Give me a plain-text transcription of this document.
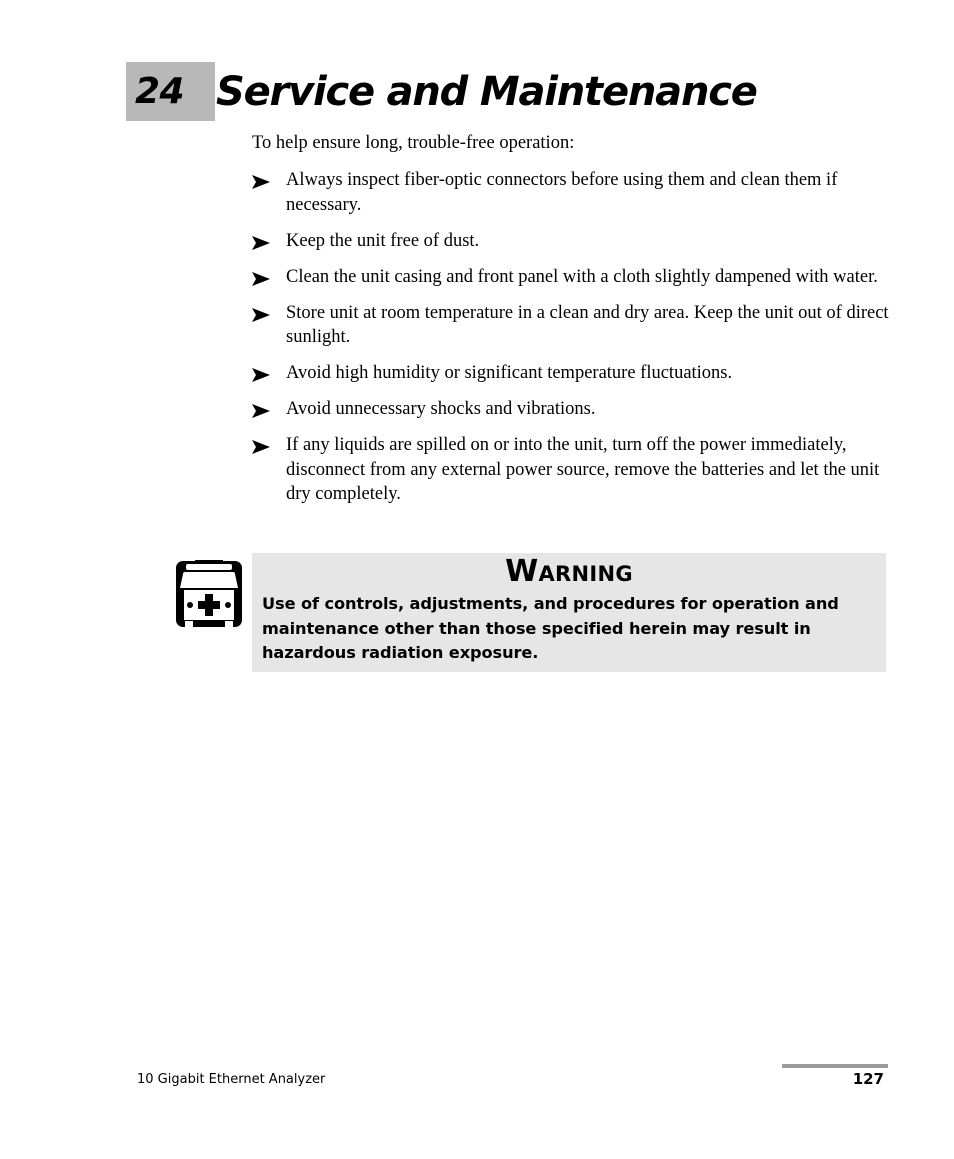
24 Service and Maintenance
To help ensure long, trouble-free operation:
Always inspect fiber-optic connectors before using them and clean them if necessary.
Keep the unit free of dust.
Clean the unit casing and front panel with a cloth slightly dampened with water.
Store unit at room temperature in a clean and dry area. Keep the unit out of direct sunlight.
Avoid high humidity or significant temperature fluctuations.
Avoid unnecessary shocks and vibrations.
If any liquids are spilled on or into the unit, turn off the power immediately, disconnect from any external power source, remove the batteries and let the unit dry completely.
Warning
Use of controls, adjustments, and procedures for operation and maintenance other than those specified herein may result in hazardous radiation exposure.
10 Gigabit Ethernet Analyzer	127
